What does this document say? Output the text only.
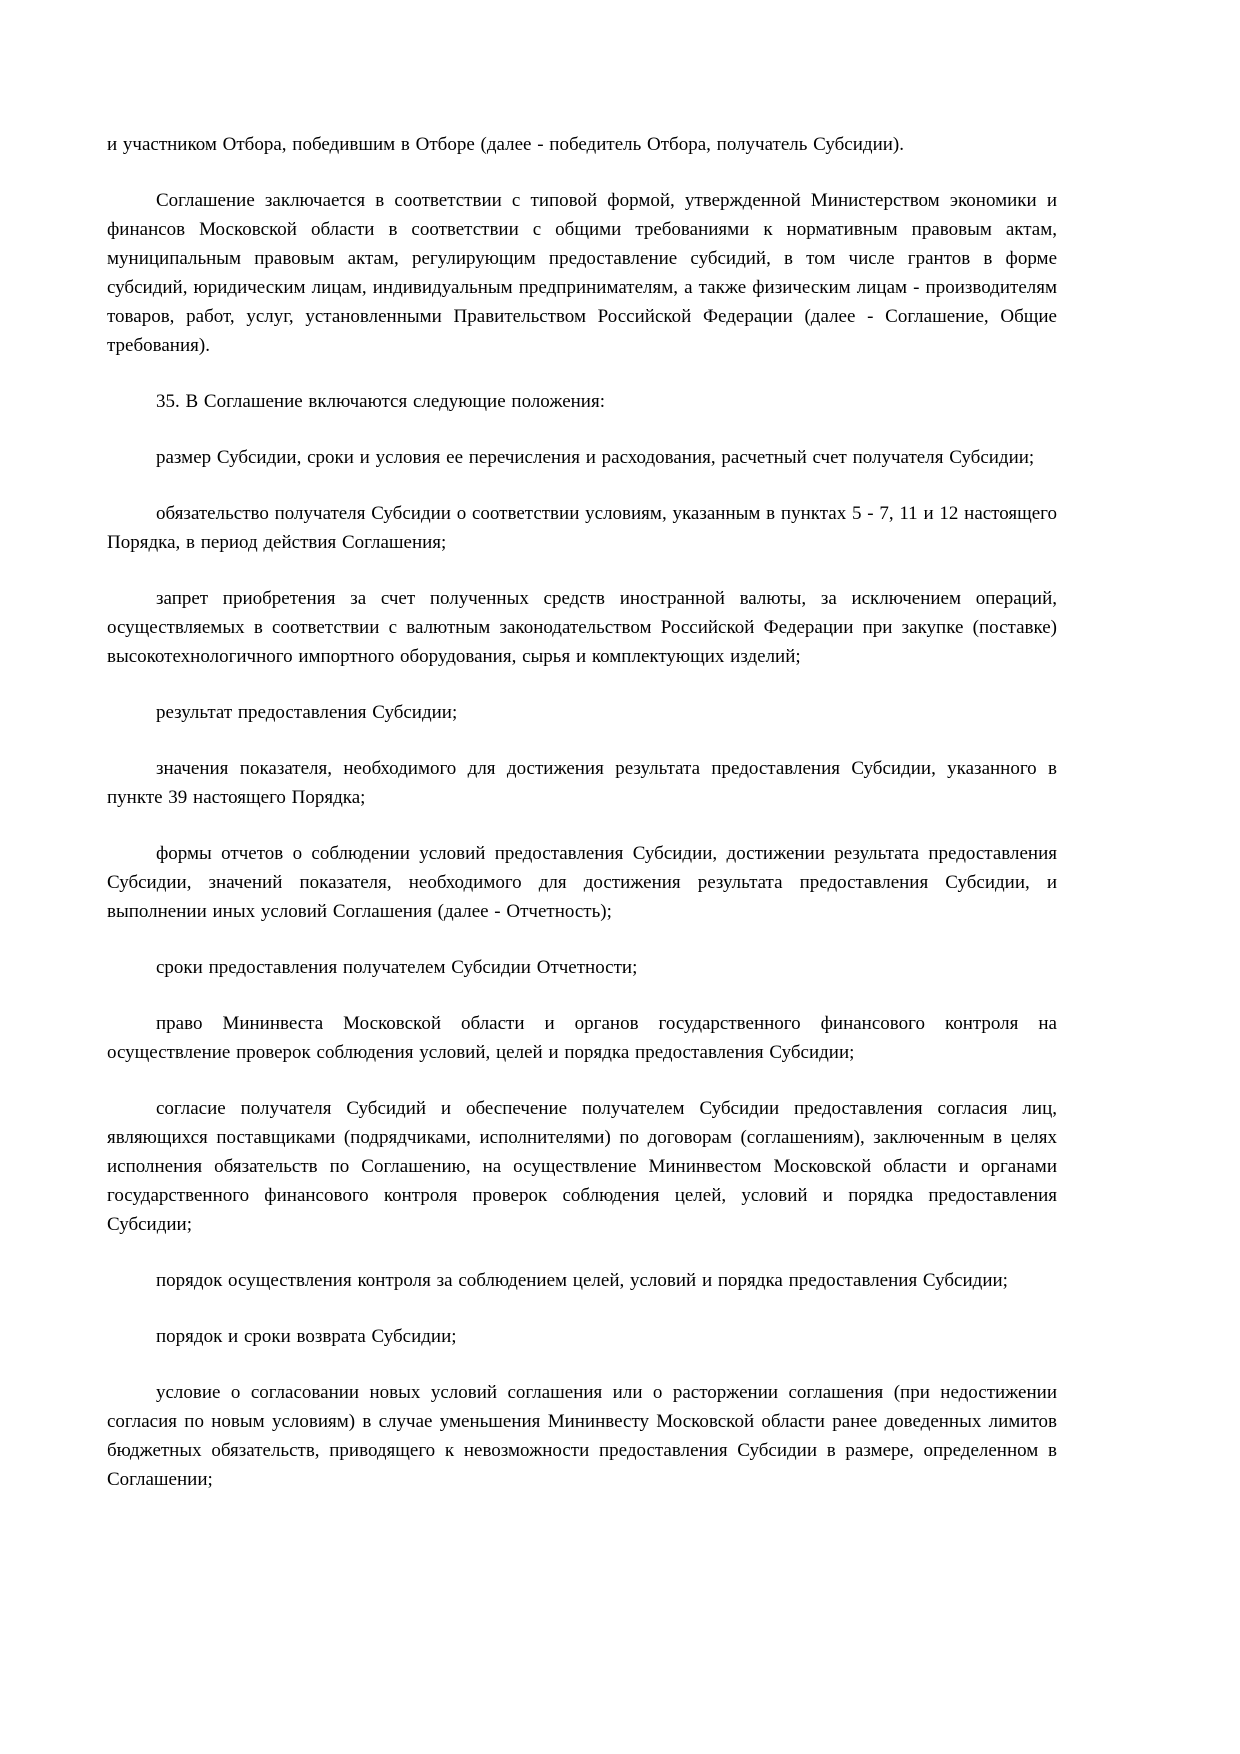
и участником Отбора, победившим в Отборе (далее - победитель Отбора, получатель Субсидии).

Соглашение заключается в соответствии с типовой формой, утвержденной Министерством экономики и финансов Московской области в соответствии с общими требованиями к нормативным правовым актам, муниципальным правовым актам, регулирующим предоставление субсидий, в том числе грантов в форме субсидий, юридическим лицам, индивидуальным предпринимателям, а также физическим лицам - производителям товаров, работ, услуг, установленными Правительством Российской Федерации (далее - Соглашение, Общие требования).

35. В Соглашение включаются следующие положения:

размер Субсидии, сроки и условия ее перечисления и расходования, расчетный счет получателя Субсидии;

обязательство получателя Субсидии о соответствии условиям, указанным в пунктах 5 - 7, 11 и 12 настоящего Порядка, в период действия Соглашения;

запрет приобретения за счет полученных средств иностранной валюты, за исключением операций, осуществляемых в соответствии с валютным законодательством Российской Федерации при закупке (поставке) высокотехнологичного импортного оборудования, сырья и комплектующих изделий;

результат предоставления Субсидии;

значения показателя, необходимого для достижения результата предоставления Субсидии, указанного в пункте 39 настоящего Порядка;

формы отчетов о соблюдении условий предоставления Субсидии, достижении результата предоставления Субсидии, значений показателя, необходимого для достижения результата предоставления Субсидии, и выполнении иных условий Соглашения (далее - Отчетность);

сроки предоставления получателем Субсидии Отчетности;

право Мининвеста Московской области и органов государственного финансового контроля на осуществление проверок соблюдения условий, целей и порядка предоставления Субсидии;

согласие получателя Субсидий и обеспечение получателем Субсидии предоставления согласия лиц, являющихся поставщиками (подрядчиками, исполнителями) по договорам (соглашениям), заключенным в целях исполнения обязательств по Соглашению, на осуществление Мининвестом Московской области и органами государственного финансового контроля проверок соблюдения целей, условий и порядка предоставления Субсидии;

порядок осуществления контроля за соблюдением целей, условий и порядка предоставления Субсидии;

порядок и сроки возврата Субсидии;

условие о согласовании новых условий соглашения или о расторжении соглашения (при недостижении согласия по новым условиям) в случае уменьшения Мининвесту Московской области ранее доведенных лимитов бюджетных обязательств, приводящего к невозможности предоставления Субсидии в размере, определенном в Соглашении;
